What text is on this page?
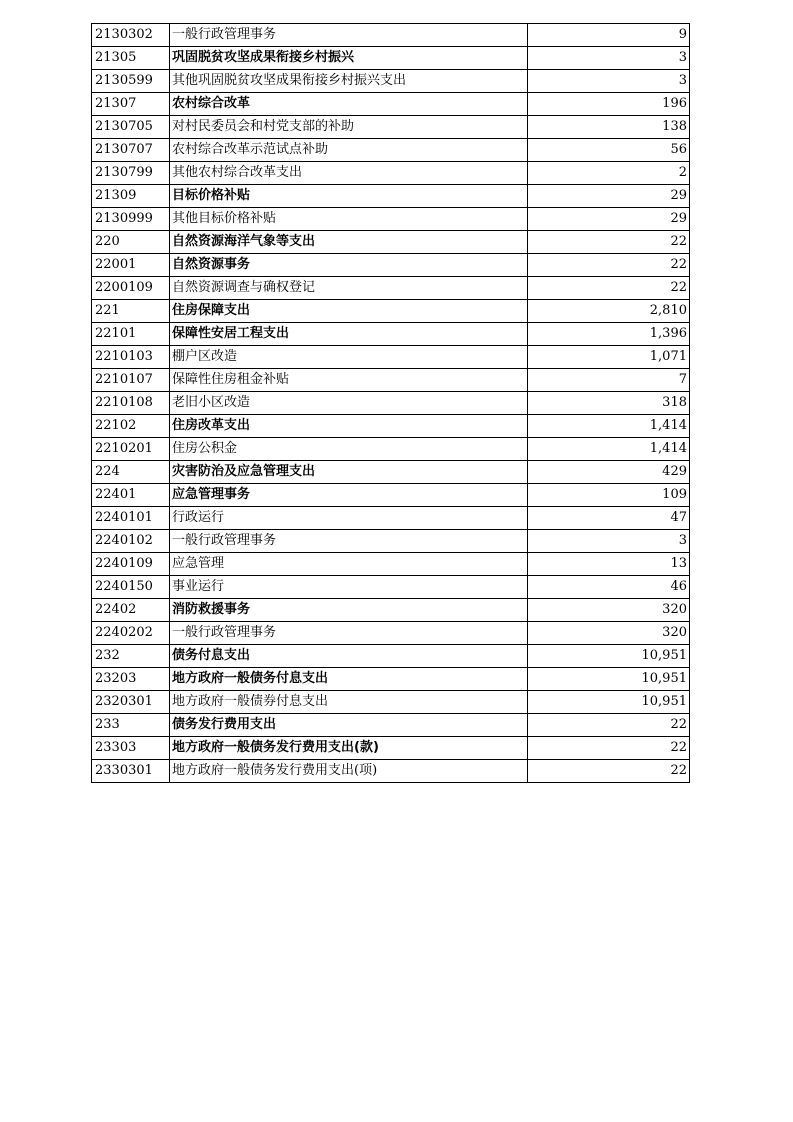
2130302	一般行政管理事务	9
21305	巩固脱贫攻坚成果衔接乡村振兴	3
2130599	其他巩固脱贫攻坚成果衔接乡村振兴支出	3
21307	农村综合改革	196
2130705	对村民委员会和村党支部的补助	138
2130707	农村综合改革示范试点补助	56
2130799	其他农村综合改革支出	2
21309	目标价格补贴	29
2130999	其他目标价格补贴	29
220	自然资源海洋气象等支出	22
22001	自然资源事务	22
2200109	自然资源调查与确权登记	22
221	住房保障支出	2,810
22101	保障性安居工程支出	1,396
2210103	棚户区改造	1,071
2210107	保障性住房租金补贴	7
2210108	老旧小区改造	318
22102	住房改革支出	1,414
2210201	住房公积金	1,414
224	灾害防治及应急管理支出	429
22401	应急管理事务	109
2240101	行政运行	47
2240102	一般行政管理事务	3
2240109	应急管理	13
2240150	事业运行	46
22402	消防救援事务	320
2240202	一般行政管理事务	320
232	债务付息支出	10,951
23203	地方政府一般债务付息支出	10,951
2320301	地方政府一般债券付息支出	10,951
233	债务发行费用支出	22
23303	地方政府一般债务发行费用支出(款)	22
2330301	地方政府一般债务发行费用支出(项)	22
